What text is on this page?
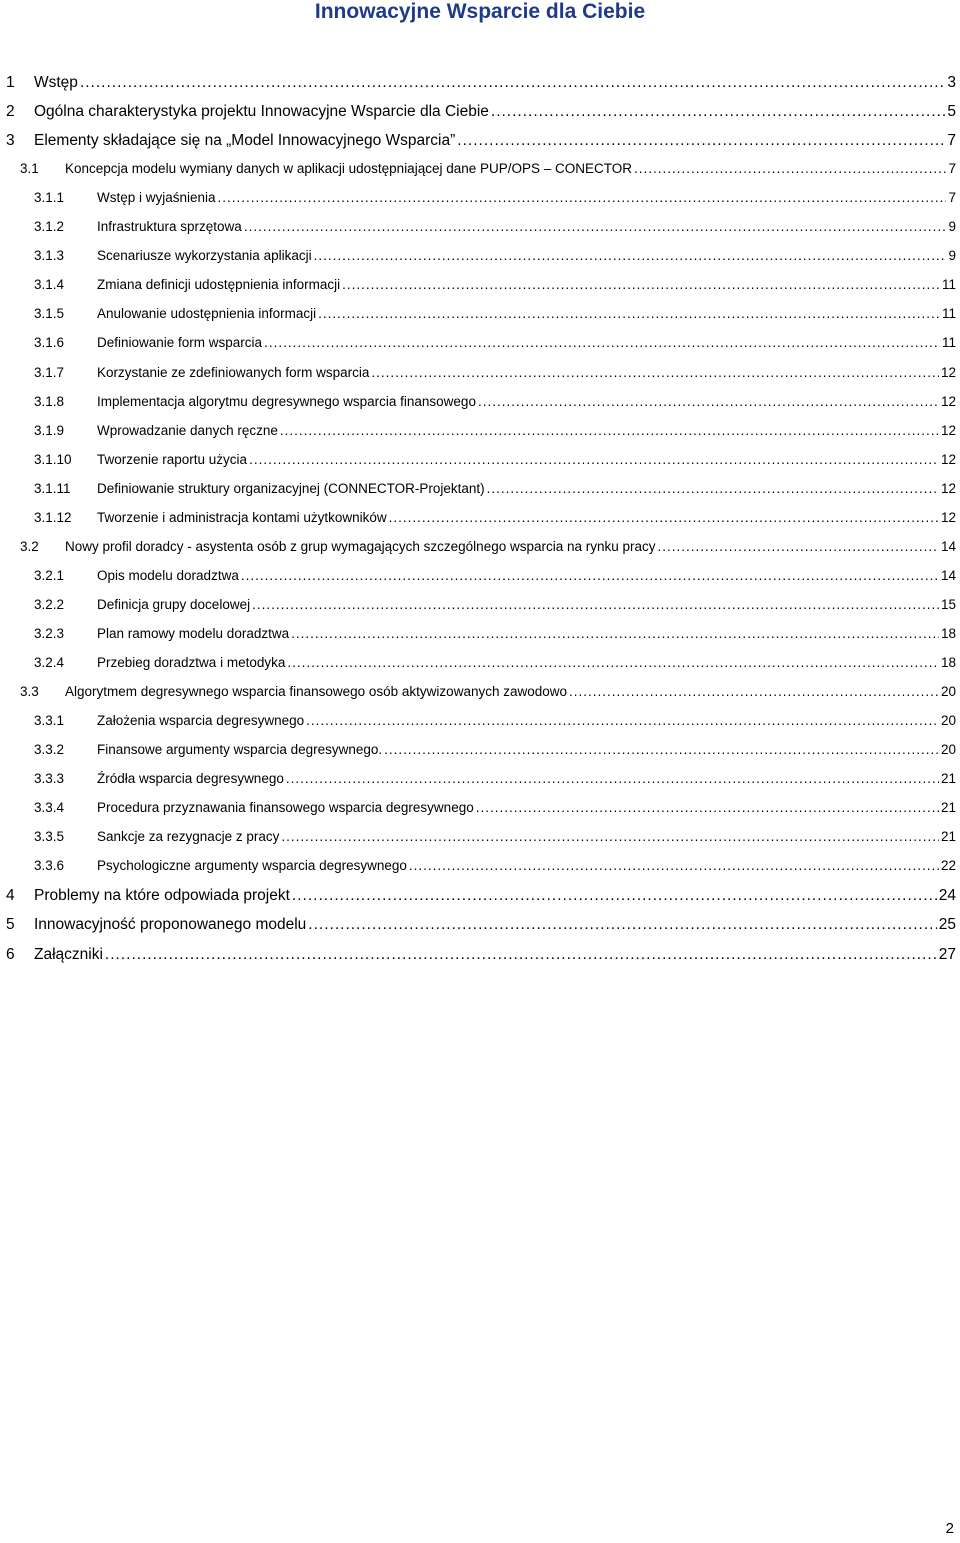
Innowacyjne Wsparcie dla Ciebie
1 Wstęp .....	3
2 Ogólna charakterystyka projektu Innowacyjne Wsparcie dla Ciebie .....	5
3 Elementy składające się na „Model Innowacyjnego Wsparcia” .....	7
3.1 Koncepcja modelu wymiany danych w aplikacji udostępniającej dane PUP/OPS – CONECTOR .....	7
3.1.1 Wstęp i wyjaśnienia .....	7
3.1.2 Infrastruktura sprzętowa .....	9
3.1.3 Scenariusze wykorzystania aplikacji .....	9
3.1.4 Zmiana definicji udostępnienia informacji .....	11
3.1.5 Anulowanie udostępnienia informacji .....	11
3.1.6 Definiowanie form wsparcia .....	11
3.1.7 Korzystanie ze zdefiniowanych form wsparcia .....	12
3.1.8 Implementacja algorytmu degresywnego wsparcia finansowego .....	12
3.1.9 Wprowadzanie danych ręczne .....	12
3.1.10 Tworzenie raportu użycia .....	12
3.1.11 Definiowanie struktury organizacyjnej (CONNECTOR-Projektant) .....	12
3.1.12 Tworzenie i administracja kontami użytkowników .....	12
3.2 Nowy profil doradcy - asystenta osób z grup wymagających szczególnego wsparcia na rynku pracy .....	14
3.2.1 Opis modelu doradztwa .....	14
3.2.2 Definicja grupy docelowej .....	15
3.2.3 Plan ramowy modelu doradztwa .....	18
3.2.4 Przebieg doradztwa i metodyka .....	18
3.3 Algorytmem degresywnego wsparcia finansowego osób aktywizowanych zawodowo .....	20
3.3.1 Założenia wsparcia degresywnego .....	20
3.3.2 Finansowe argumenty wsparcia degresywnego. .....	20
3.3.3 Źródła wsparcia degresywnego .....	21
3.3.4 Procedura przyznawania finansowego wsparcia degresywnego .....	21
3.3.5 Sankcje za rezygnacje z pracy .....	21
3.3.6 Psychologiczne argumenty wsparcia degresywnego .....	22
4 Problemy na które odpowiada projekt .....	24
5 Innowacyjność proponowanego modelu .....	25
6 Załączniki .....	27
2
